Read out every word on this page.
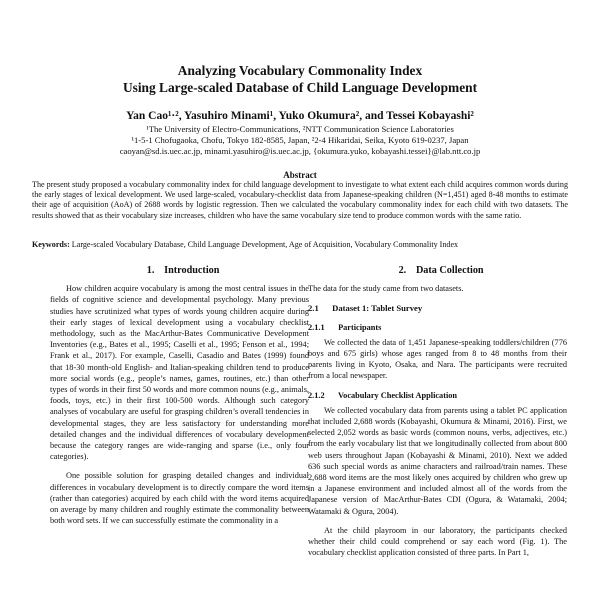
Analyzing Vocabulary Commonality Index
Using Large-scaled Database of Child Language Development
Yan Cao¹·², Yasuhiro Minami¹, Yuko Okumura², and Tessei Kobayashi²
¹The University of Electro-Communications, ²NTT Communication Science Laboratories
¹1-5-1 Chofugaoka, Chofu, Tokyo 182-8585, Japan, ²2-4 Hikaridai, Seika, Kyoto 619-0237, Japan
caoyan@sd.is.uec.ac.jp, minami.yasuhiro@is.uec.ac.jp, {okumura.yuko, kobayashi.tessei}@lab.ntt.co.jp
Abstract
The present study proposed a vocabulary commonality index for child language development to investigate to what extent each child acquires common words during the early stages of lexical development. We used large-scaled, vocabulary-checklist data from Japanese-speaking children (N=1,451) aged 8-48 months to estimate their age of acquisition (AoA) of 2688 words by logistic regression. Then we calculated the vocabulary commonality index for each child with two datasets. The results showed that as their vocabulary size increases, children who have the same vocabulary size tend to produce common words with the same ratio.
Keywords: Large-scaled Vocabulary Database, Child Language Development, Age of Acquisition, Vocabulary Commonality Index
1. Introduction

How children acquire vocabulary is among the most central issues in the fields of cognitive science and developmental psychology. Many previous studies have scrutinized what types of words young children acquire during their early stages of lexical development using a vocabulary checklist methodology, such as the MacArthur-Bates Communicative Development Inventories (e.g., Bates et al., 1995; Caselli et al., 1995; Fenson et al., 1994; Frank et al., 2017). For example, Caselli, Casadio and Bates (1999) found that 18-30 month-old English- and Italian-speaking children tend to produce more social words (e.g., people’s names, games, routines, etc.) than other types of words in their first 50 words and more common nouns (e.g., animals, foods, toys, etc.) in their first 100-500 words. Although such category analyses of vocabulary are useful for grasping children’s overall tendencies in developmental stages, they are less satisfactory for understanding more detailed changes and the individual differences of vocabulary development because the category ranges are wide-ranging and sparse (i.e., only four categories).

One possible solution for grasping detailed changes and individual differences in vocabulary development is to directly compare the word items (rather than categories) acquired by each child with the word items acquired on average by many children and roughly estimate the commonality between both word sets. If we can successfully estimate the commonality in a

2. Data Collection

The data for the study came from two datasets.

2.1 Dataset 1: Tablet Survey
2.1.1 Participants

We collected the data of 1,451 Japanese-speaking toddlers/children (776 boys and 675 girls) whose ages ranged from 8 to 48 months from their parents living in Kyoto, Osaka, and Nara. The participants were recruited from a local newspaper.

2.1.2 Vocabulary Checklist Application

We collected vocabulary data from parents using a tablet PC application that included 2,688 words (Kobayashi, Okumura & Minami, 2016). First, we selected 2,052 words as basic words (common nouns, verbs, adjectives, etc.) from the early vocabulary list that we longitudinally collected from about 800 web users throughout Japan (Kobayashi & Minami, 2010). Next we added 636 such special words as anime characters and railroad/train names. These 2,688 word items are the most likely ones acquired by children who grew up in a Japanese environment and included almost all of the words from the Japanese version of MacArthur-Bates CDI (Ogura, & Watamaki, 2004; Watamaki & Ogura, 2004).

At the child playroom in our laboratory, the participants checked whether their child could comprehend or say each word (Fig. 1). The vocabulary checklist application consisted of three parts. In Part 1,
